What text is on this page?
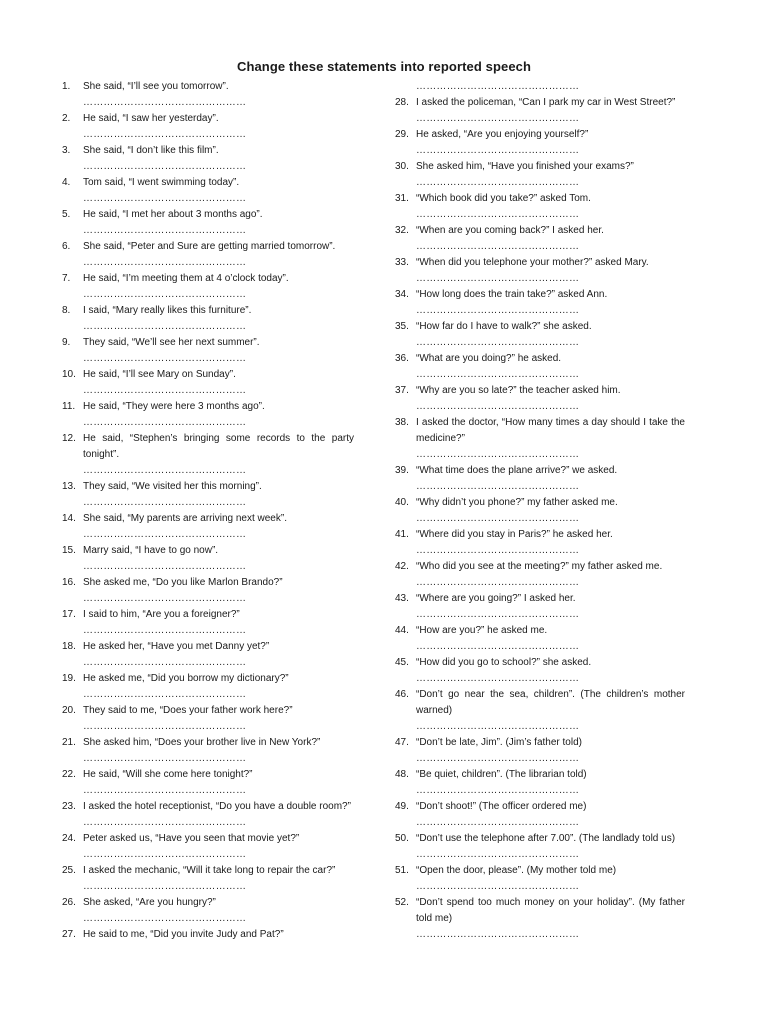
Change these statements into reported speech
1.	She said, “I’ll see you tomorrow”.
…………………………………………
2.	He said, “I saw her yesterday”.
…………………………………………
3.	She said, “I don’t like this film”.
…………………………………………
4.	Tom said, “I went swimming today”.
…………………………………………
5.	He said, “I met her about 3 months ago”.
…………………………………………
6.	She said, “Peter and Sure are getting married tomorrow”.
…………………………………………
7.	He said, “I’m meeting them at 4 o’clock today”.
…………………………………………
8.	I said, “Mary really likes this furniture”.
…………………………………………
9.	They said, “We’ll see her next summer”.
…………………………………………
10. He said, “I’ll see Mary on Sunday”.
…………………………………………
11. He said, “They were here 3 months ago”.
…………………………………………
12. He said, “Stephen’s bringing some records to the party tonight”.
…………………………………………
13. They said, “We visited her this morning”.
…………………………………………
14. She said, “My parents are arriving next week”.
…………………………………………
15. Marry said, “I have to go now”.
…………………………………………
16. She asked me, “Do you like Marlon Brando?”
…………………………………………
17. I said to him, “Are you a foreigner?”
…………………………………………
18. He asked her, “Have you met Danny yet?”
…………………………………………
19. He asked me, “Did you borrow my dictionary?”
…………………………………………
20. They said to me, “Does your father work here?”
…………………………………………
21. She asked him, “Does your brother live in New York?”
…………………………………………
22. He said, “Will she come here tonight?”
…………………………………………
23. I asked the hotel receptionist, “Do you have a double room?”
…………………………………………
24. Peter asked us, “Have you seen that movie yet?”
…………………………………………
25. I asked the mechanic, “Will it take long to repair the car?”
…………………………………………
26. She asked, “Are you hungry?”
…………………………………………
27. He said to me, “Did you invite Judy and Pat?”
…………………………………………
28. I asked the policeman, “Can I park my car in West Street?”
…………………………………………
29. He asked, “Are you enjoying yourself?”
…………………………………………
30. She asked him, “Have you finished your exams?”
…………………………………………
31. “Which book did you take?” asked Tom.
…………………………………………
32. “When are you coming back?” I asked her.
…………………………………………
33. “When did you telephone your mother?” asked Mary.
…………………………………………
34. “How long does the train take?” asked Ann.
…………………………………………
35. “How far do I have to walk?” she asked.
…………………………………………
36. “What are you doing?” he asked.
…………………………………………
37. “Why are you so late?” the teacher asked him.
…………………………………………
38. I asked the doctor, “How many times a day should I take the medicine?”
…………………………………………
39. “What time does the plane arrive?” we asked.
…………………………………………
40. “Why didn’t you phone?” my father asked me.
…………………………………………
41. “Where did you stay in Paris?” he asked her.
…………………………………………
42. “Who did you see at the meeting?” my father asked me.
…………………………………………
43. “Where are you going?” I asked her.
…………………………………………
44. “How are you?” he asked me.
…………………………………………
45. “How did you go to school?” she asked.
…………………………………………
46. “Don’t go near the sea, children”. (The children’s mother warned)
…………………………………………
47. “Don’t be late, Jim”. (Jim’s father told)
…………………………………………
48. “Be quiet, children”. (The librarian told)
…………………………………………
49. “Don’t shoot!” (The officer ordered me)
…………………………………………
50. “Don’t use the telephone after 7.00”. (The landlady told us)
…………………………………………
51. “Open the door, please”. (My mother told me)
…………………………………………
52. “Don’t spend too much money on your holiday”. (My father told me)
…………………………………………
